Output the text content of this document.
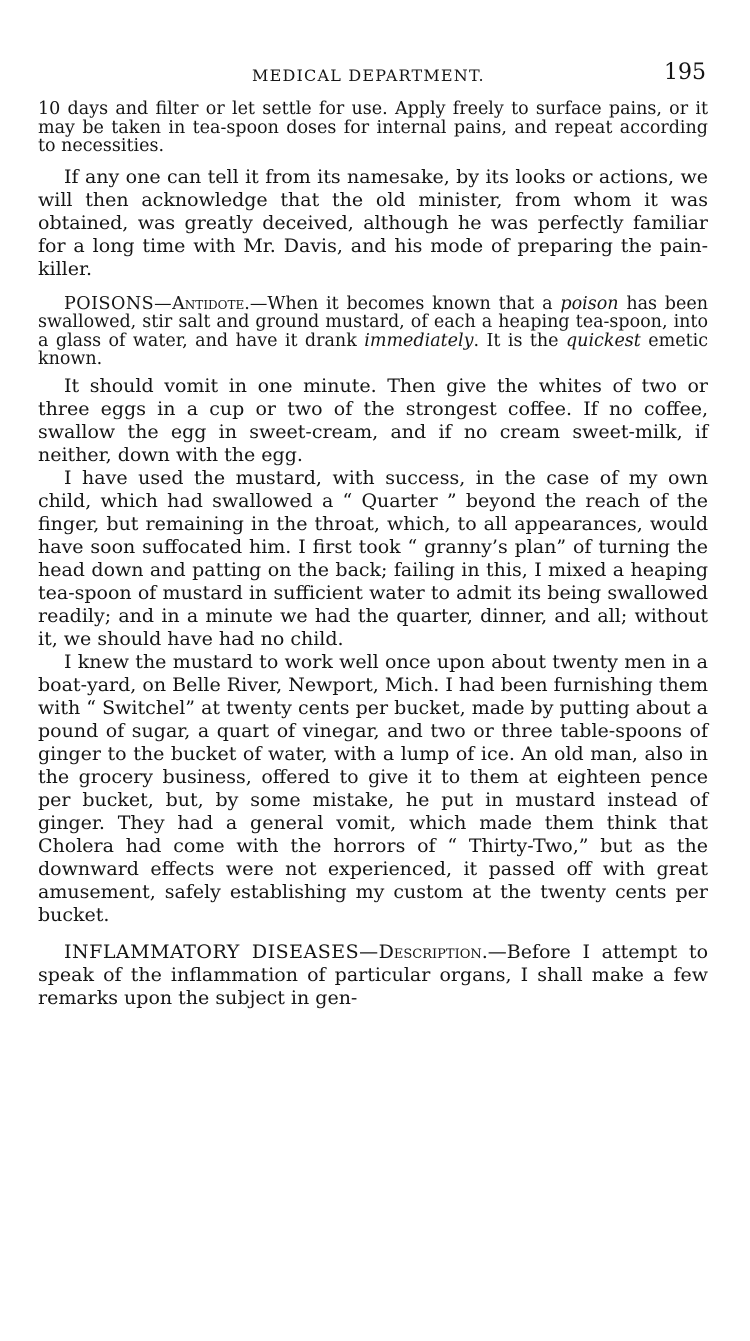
MEDICAL DEPARTMENT.	195

10 days and filter or let settle for use. Apply freely to surface pains, or it may be taken in tea-spoon doses for internal pains, and repeat according to necessities.

If any one can tell it from its namesake, by its looks or actions, we will then acknowledge that the old minister, from whom it was obtained, was greatly deceived, although he was perfectly familiar for a long time with Mr. Davis, and his mode of preparing the pain-killer.

POISONS—Antidote.—When it becomes known that a poison has been swallowed, stir salt and ground mustard, of each a heaping tea-spoon, into a glass of water, and have it drank immediately. It is the quickest emetic known.

It should vomit in one minute. Then give the whites of two or three eggs in a cup or two of the strongest coffee. If no coffee, swallow the egg in sweet-cream, and if no cream sweet-milk, if neither, down with the egg.

I have used the mustard, with success, in the case of my own child, which had swallowed a “ Quarter ” beyond the reach of the finger, but remaining in the throat, which, to all appearances, would have soon suffocated him. I first took “ granny’s plan” of turning the head down and patting on the back; failing in this, I mixed a heaping tea-spoon of mustard in sufficient water to admit its being swallowed readily; and in a minute we had the quarter, dinner, and all; without it, we should have had no child.

I knew the mustard to work well once upon about twenty men in a boat-yard, on Belle River, Newport, Mich. I had been furnishing them with “ Switchel” at twenty cents per bucket, made by putting about a pound of sugar, a quart of vinegar, and two or three table-spoons of ginger to the bucket of water, with a lump of ice. An old man, also in the grocery business, offered to give it to them at eighteen pence per bucket, but, by some mistake, he put in mustard instead of ginger. They had a general vomit, which made them think that Cholera had come with the horrors of “ Thirty-Two,” but as the downward effects were not experienced, it passed off with great amusement, safely establishing my custom at the twenty cents per bucket.

INFLAMMATORY DISEASES—Description.—Before I attempt to speak of the inflammation of particular organs, I shall make a few remarks upon the subject in gen-
